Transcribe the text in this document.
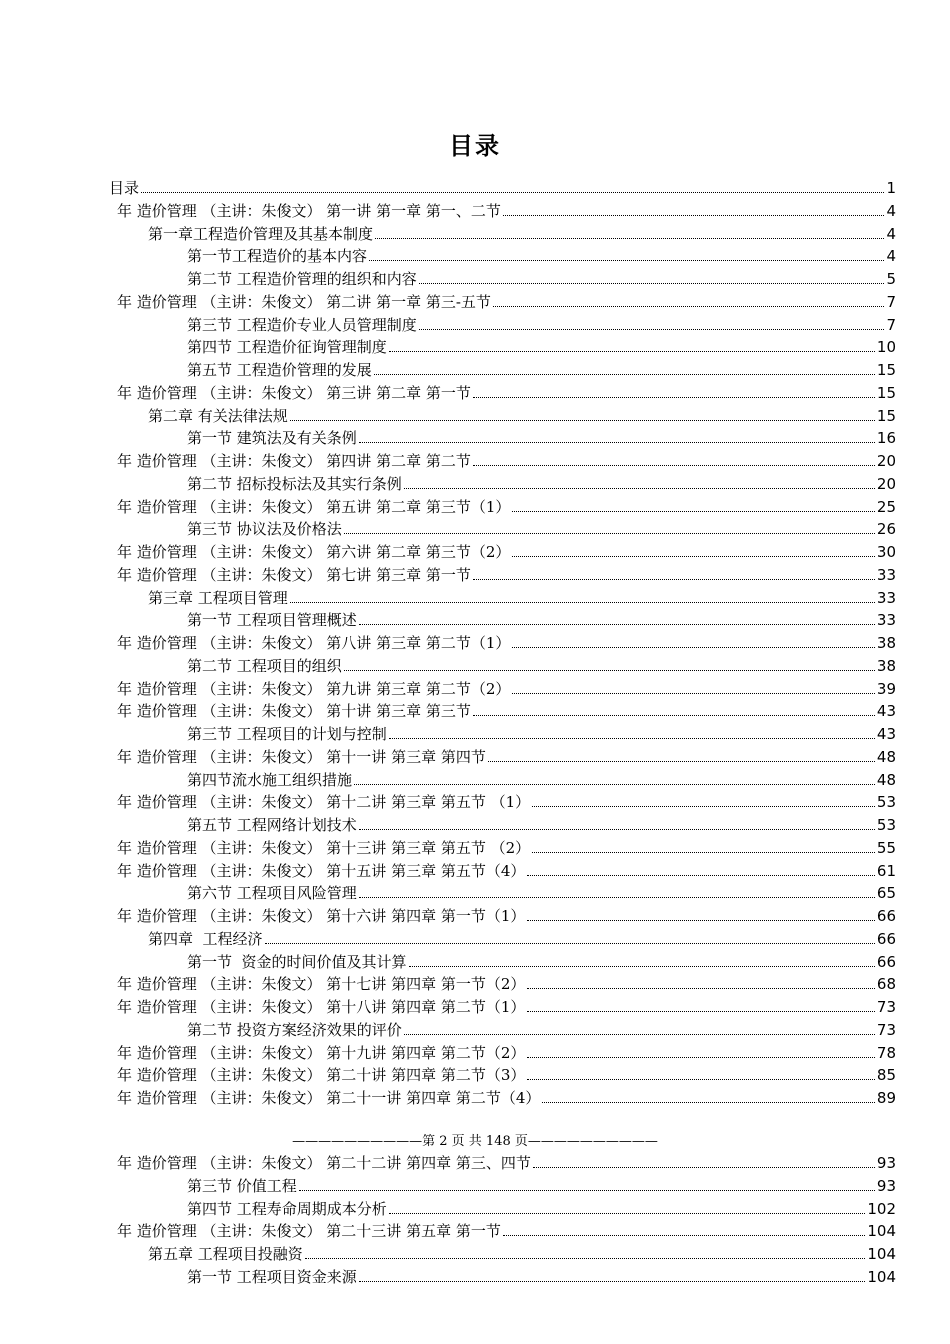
目录
目录	1
年 造价管理 （主讲：朱俊文） 第一讲 第一章 第一、二节	4
第一章工程造价管理及其基本制度	4
第一节工程造价的基本内容	4
第二节 工程造价管理的组织和内容	5
年 造价管理 （主讲：朱俊文） 第二讲 第一章 第三-五节	7
第三节 工程造价专业人员管理制度	7
第四节 工程造价征询管理制度	10
第五节 工程造价管理的发展	15
年 造价管理 （主讲：朱俊文） 第三讲 第二章 第一节	15
第二章 有关法律法规	15
第一节 建筑法及有关条例	16
年 造价管理 （主讲：朱俊文） 第四讲 第二章 第二节	20
第二节 招标投标法及其实行条例	20
年 造价管理 （主讲：朱俊文） 第五讲 第二章 第三节（1）	25
第三节 协议法及价格法	26
年 造价管理 （主讲：朱俊文） 第六讲 第二章 第三节（2）	30
年 造价管理 （主讲：朱俊文） 第七讲 第三章 第一节	33
第三章 工程项目管理	33
第一节 工程项目管理概述	33
年 造价管理 （主讲：朱俊文） 第八讲 第三章 第二节（1）	38
第二节 工程项目的组织	38
年 造价管理 （主讲：朱俊文） 第九讲 第三章 第二节（2）	39
年 造价管理 （主讲：朱俊文） 第十讲 第三章 第三节	43
第三节 工程项目的计划与控制	43
年 造价管理 （主讲：朱俊文） 第十一讲 第三章 第四节	48
第四节流水施工组织措施	48
年 造价管理 （主讲：朱俊文） 第十二讲 第三章 第五节 （1）	53
第五节 工程网络计划技术	53
年 造价管理 （主讲：朱俊文） 第十三讲 第三章 第五节 （2）	55
年 造价管理 （主讲：朱俊文） 第十五讲 第三章 第五节（4）	61
第六节 工程项目风险管理	65
年 造价管理 （主讲：朱俊文） 第十六讲 第四章 第一节（1）	66
第四章  工程经济	66
第一节  资金的时间价值及其计算	66
年 造价管理 （主讲：朱俊文） 第十七讲 第四章 第一节（2）	68
年 造价管理 （主讲：朱俊文） 第十八讲 第四章 第二节（1）	73
第二节 投资方案经济效果的评价	73
年 造价管理 （主讲：朱俊文） 第十九讲 第四章 第二节（2）	78
年 造价管理 （主讲：朱俊文） 第二十讲 第四章 第二节（3）	85
年 造价管理 （主讲：朱俊文） 第二十一讲 第四章 第二节（4）	89
年 造价管理 （主讲：朱俊文） 第二十二讲 第四章 第三、四节	93
第三节 价值工程	93
第四节 工程寿命周期成本分析	102
年 造价管理 （主讲：朱俊文） 第二十三讲 第五章 第一节	104
第五章 工程项目投融资	104
第一节 工程项目资金来源	104
——————————第 2 页 共 148 页——————————
